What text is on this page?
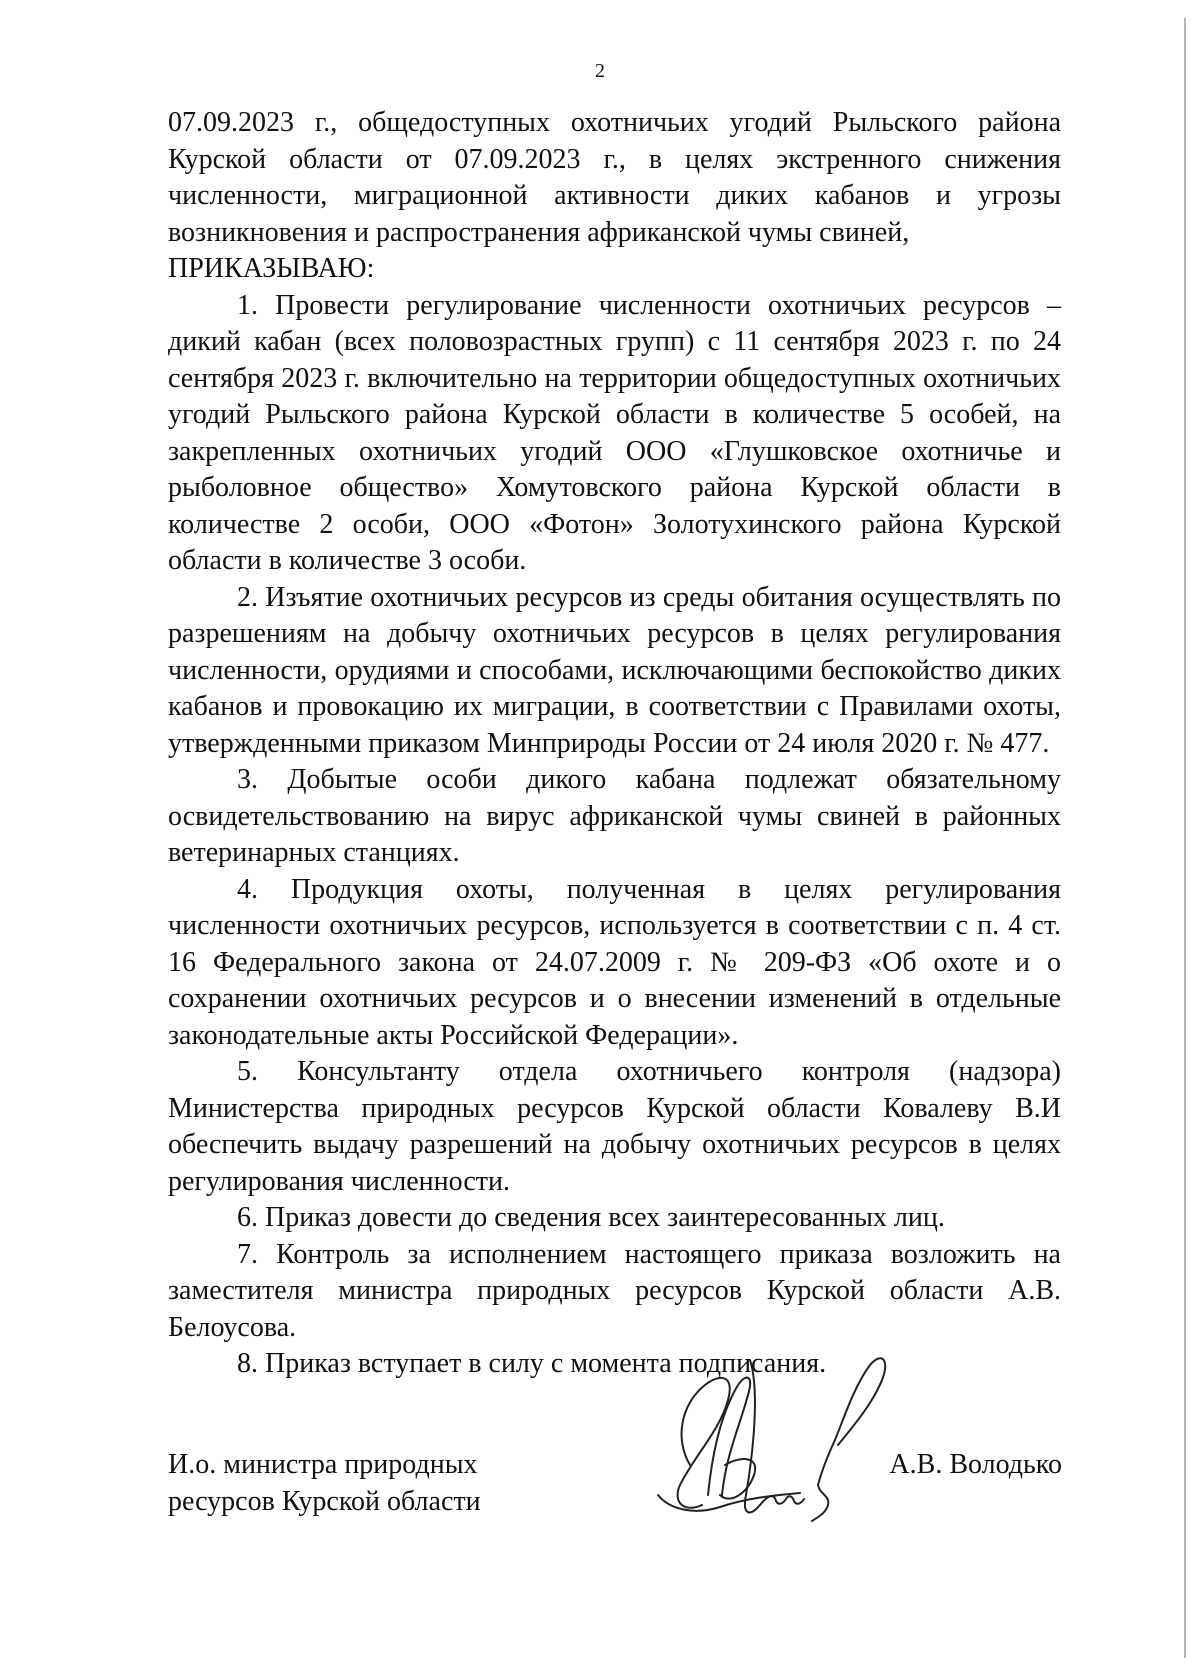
2

07.09.2023 г., общедоступных охотничьих угодий Рыльского района Курской области от 07.09.2023 г., в целях экстренного снижения численности, миграционной активности диких кабанов и угрозы возникновения и распространения африканской чумы свиней,

ПРИКАЗЫВАЮ:

1. Провести регулирование численности охотничьих ресурсов – дикий кабан (всех половозрастных групп) с 11 сентября 2023 г. по 24 сентября 2023 г. включительно на территории общедоступных охотничьих угодий Рыльского района Курской области в количестве 5 особей, на закрепленных охотничьих угодий ООО «Глушковское охотничье и рыболовное общество» Хомутовского района Курской области в количестве 2 особи, ООО «Фотон» Золотухинского района Курской области в количестве 3 особи.

2. Изъятие охотничьих ресурсов из среды обитания осуществлять по разрешениям на добычу охотничьих ресурсов в целях регулирования численности, орудиями и способами, исключающими беспокойство диких кабанов и провокацию их миграции, в соответствии с Правилами охоты, утвержденными приказом Минприроды России от 24 июля 2020 г. № 477.

3. Добытые особи дикого кабана подлежат обязательному освидетельствованию на вирус африканской чумы свиней в районных ветеринарных станциях.

4. Продукция охоты, полученная в целях регулирования численности охотничьих ресурсов, используется в соответствии с п. 4 ст. 16 Федерального закона от 24.07.2009 г. № 209-ФЗ «Об охоте и о сохранении охотничьих ресурсов и о внесении изменений в отдельные законодательные акты Российской Федерации».

5. Консультанту отдела охотничьего контроля (надзора) Министерства природных ресурсов Курской области Ковалеву В.И обеспечить выдачу разрешений на добычу охотничьих ресурсов в целях регулирования численности.

6. Приказ довести до сведения всех заинтересованных лиц.

7. Контроль за исполнением настоящего приказа возложить на заместителя министра природных ресурсов Курской области А.В. Белоусова.

8. Приказ вступает в силу с момента подписания.

И.о. министра природных
ресурсов Курской области
А.В. Володько
